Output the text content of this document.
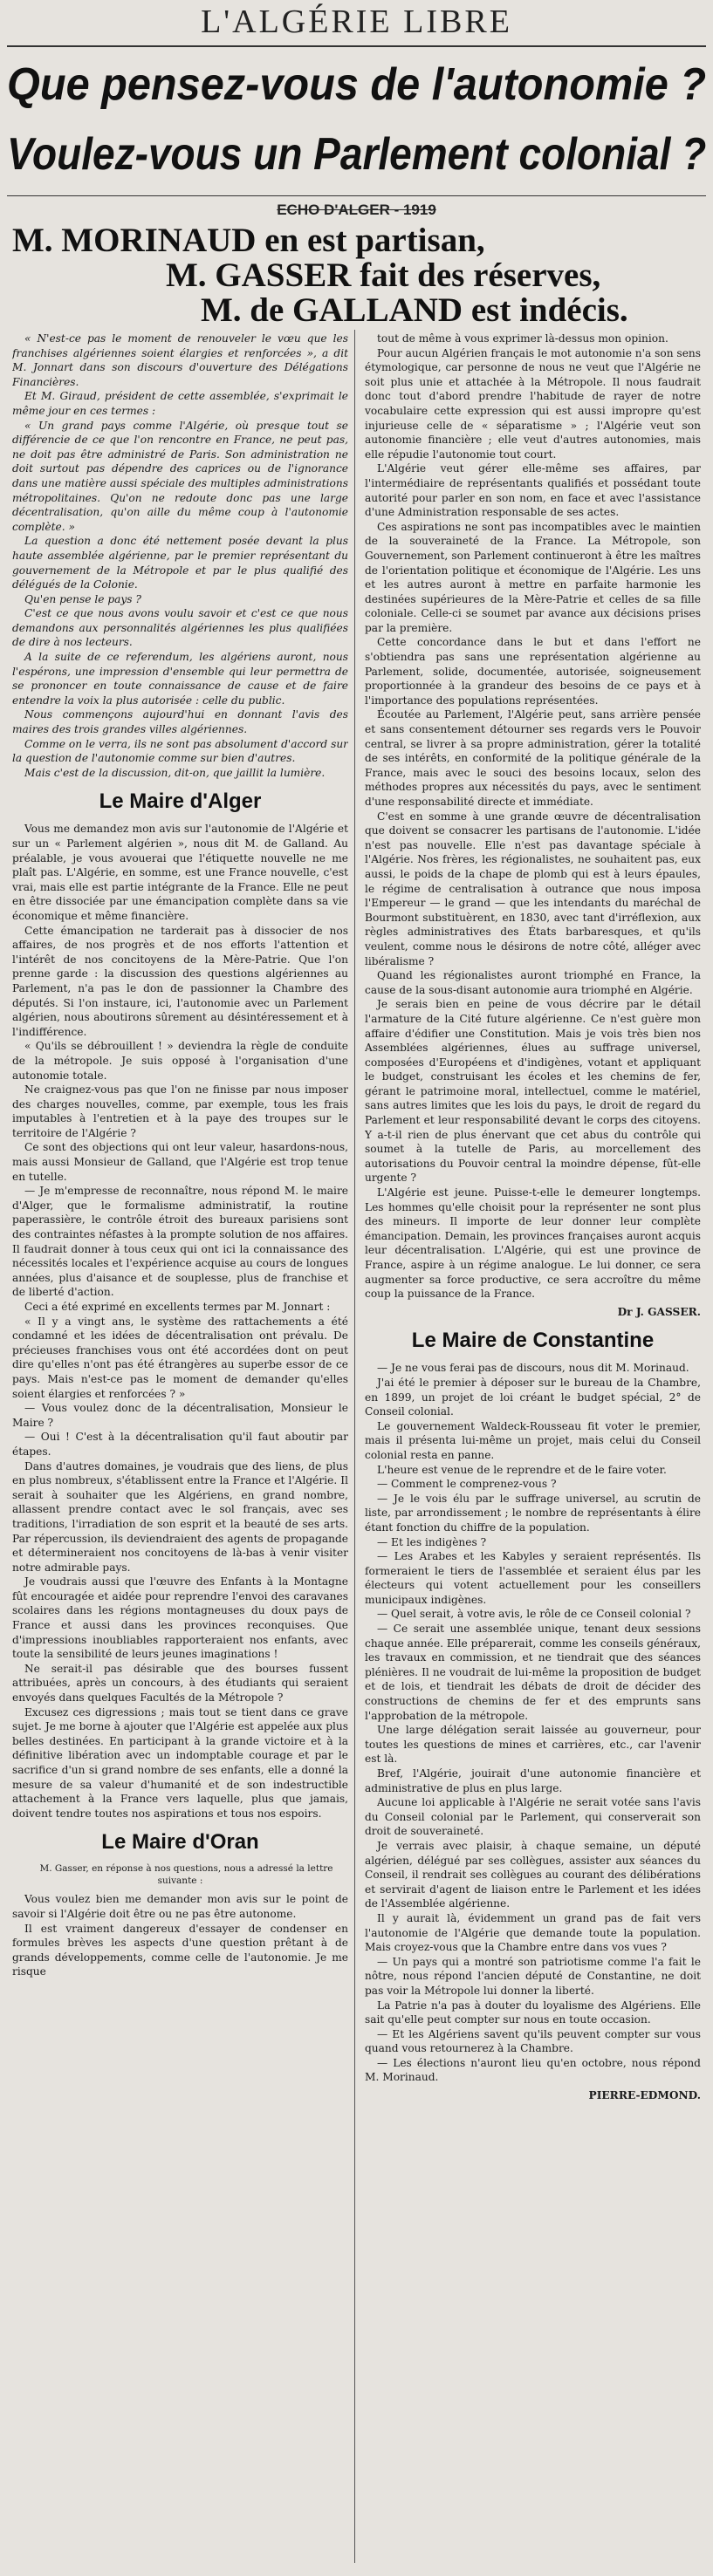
L'ALGÉRIE LIBRE
Que pensez-vous de l'autonomie ?
Voulez-vous un Parlement colonial ?
ECHO D'ALGER - 1919
M. MORINAUD en est partisan,
M. GASSER fait des réserves,
M. de GALLAND est indécis.

« N'est-ce pas le moment de renouveler le vœu que les franchises algériennes soient élargies et renforcées », a dit M. Jonnart dans son discours d'ouverture des Délégations Financières.

Et M. Giraud, président de cette assemblée, s'exprimait le même jour en ces termes :

« Un grand pays comme l'Algérie, où presque tout se différencie de ce que l'on rencontre en France, ne peut pas, ne doit pas être administré de Paris. Son administration ne doit surtout pas dépendre des caprices ou de l'ignorance dans une matière aussi spéciale des multiples administrations métropolitaines. Qu'on ne redoute donc pas une large décentralisation, qu'on aille du même coup à l'autonomie complète. »

La question a donc été nettement posée devant la plus haute assemblée algérienne, par le premier représentant du gouvernement de la Métropole et par le plus qualifié des délégués de la Colonie.

Qu'en pense le pays ?

C'est ce que nous avons voulu savoir et c'est ce que nous demandons aux personnalités algériennes les plus qualifiées de dire à nos lecteurs.

A la suite de ce referendum, les algériens auront, nous l'espérons, une impression d'ensemble qui leur permettra de se prononcer en toute connaissance de cause et de faire entendre la voix la plus autorisée : celle du public.

Nous commençons aujourd'hui en donnant l'avis des maires des trois grandes villes algériennes.

Comme on le verra, ils ne sont pas absolument d'accord sur la question de l'autonomie comme sur bien d'autres.

Mais c'est de la discussion, dit-on, que jaillit la lumière.

Le Maire d'Alger

Vous me demandez mon avis sur l'autonomie de l'Algérie et sur un « Parlement algérien », nous dit M. de Galland. Au préalable, je vous avouerai que l'étiquette nouvelle ne me plaît pas. L'Algérie, en somme, est une France nouvelle, c'est vrai, mais elle est partie intégrante de la France. Elle ne peut en être dissociée par une émancipation complète dans sa vie économique et même financière.

Cette émancipation ne tarderait pas à dissocier de nos affaires, de nos progrès et de nos efforts l'attention et l'intérêt de nos concitoyens de la Mère-Patrie. Que l'on prenne garde : la discussion des questions algériennes au Parlement, n'a pas le don de passionner la Chambre des députés. Si l'on instaure, ici, l'autonomie avec un Parlement algérien, nous aboutirons sûrement au désintéressement et à l'indifférence.

« Qu'ils se débrouillent ! » deviendra la règle de conduite de la métropole. Je suis opposé à l'organisation d'une autonomie totale.

Ne craignez-vous pas que l'on ne finisse par nous imposer des charges nouvelles, comme, par exemple, tous les frais imputables à l'entretien et à la paye des troupes sur le territoire de l'Algérie ?

Ce sont des objections qui ont leur valeur, hasardons-nous, mais aussi Monsieur de Galland, que l'Algérie est trop tenue en tutelle.

— Je m'empresse de reconnaître, nous répond M. le maire d'Alger, que le formalisme administratif, la routine paperassière, le contrôle étroit des bureaux parisiens sont des contraintes néfastes à la prompte solution de nos affaires. Il faudrait donner à tous ceux qui ont ici la connaissance des nécessités locales et l'expérience acquise au cours de longues années, plus d'aisance et de souplesse, plus de franchise et de liberté d'action.

Ceci a été exprimé en excellents termes par M. Jonnart :

« Il y a vingt ans, le système des rattachements a été condamné et les idées de décentralisation ont prévalu. De précieuses franchises vous ont été accordées dont on peut dire qu'elles n'ont pas été étrangères au superbe essor de ce pays. Mais n'est-ce pas le moment de demander qu'elles soient élargies et renforcées ? »

— Vous voulez donc de la décentralisation, Monsieur le Maire ?

— Oui ! C'est à la décentralisation qu'il faut aboutir par étapes.

Dans d'autres domaines, je voudrais que des liens, de plus en plus nombreux, s'établissent entre la France et l'Algérie. Il serait à souhaiter que les Algériens, en grand nombre, allassent prendre contact avec le sol français, avec ses traditions, l'irradiation de son esprit et la beauté de ses arts. Par répercussion, ils deviendraient des agents de propagande et détermineraient nos concitoyens de là-bas à venir visiter notre admirable pays.

Je voudrais aussi que l'œuvre des Enfants à la Montagne fût encouragée et aidée pour reprendre l'envoi des caravanes scolaires dans les régions montagneuses du doux pays de France et aussi dans les provinces reconquises. Que d'impressions inoubliables rapporteraient nos enfants, avec toute la sensibilité de leurs jeunes imaginations !

Ne serait-il pas désirable que des bourses fussent attribuées, après un concours, à des étudiants qui seraient envoyés dans quelques Facultés de la Métropole ?

Excusez ces digressions ; mais tout se tient dans ce grave sujet. Je me borne à ajouter que l'Algérie est appelée aux plus belles destinées. En participant à la grande victoire et à la définitive libération avec un indomptable courage et par le sacrifice d'un si grand nombre de ses enfants, elle a donné la mesure de sa valeur d'humanité et de son indestructible attachement à la France vers laquelle, plus que jamais, doivent tendre toutes nos aspirations et tous nos espoirs.

Le Maire d'Oran

M. Gasser, en réponse à nos questions, nous a adressé la lettre suivante :

Vous voulez bien me demander mon avis sur le point de savoir si l'Algérie doit être ou ne pas être autonome.

Il est vraiment dangereux d'essayer de condenser en formules brèves les aspects d'une question prêtant à de grands développements, comme celle de l'autonomie. Je me risque

tout de même à vous exprimer là-dessus mon opinion.

Pour aucun Algérien français le mot autonomie n'a son sens étymologique, car personne de nous ne veut que l'Algérie ne soit plus unie et attachée à la Métropole. Il nous faudrait donc tout d'abord prendre l'habitude de rayer de notre vocabulaire cette expression qui est aussi impropre qu'est injurieuse celle de « séparatisme » ; l'Algérie veut son autonomie financière ; elle veut d'autres autonomies, mais elle répudie l'autonomie tout court.

L'Algérie veut gérer elle-même ses affaires, par l'intermédiaire de représentants qualifiés et possédant toute autorité pour parler en son nom, en face et avec l'assistance d'une Administration responsable de ses actes.

Ces aspirations ne sont pas incompatibles avec le maintien de la souveraineté de la France. La Métropole, son Gouvernement, son Parlement continueront à être les maîtres de l'orientation politique et économique de l'Algérie. Les uns et les autres auront à mettre en parfaite harmonie les destinées supérieures de la Mère-Patrie et celles de sa fille coloniale. Celle-ci se soumet par avance aux décisions prises par la première.

Cette concordance dans le but et dans l'effort ne s'obtiendra pas sans une représentation algérienne au Parlement, solide, documentée, autorisée, soigneusement proportionnée à la grandeur des besoins de ce pays et à l'importance des populations représentées.

Écoutée au Parlement, l'Algérie peut, sans arrière pensée et sans consentement détourner ses regards vers le Pouvoir central, se livrer à sa propre administration, gérer la totalité de ses intérêts, en conformité de la politique générale de la France, mais avec le souci des besoins locaux, selon des méthodes propres aux nécessités du pays, avec le sentiment d'une responsabilité directe et immédiate.

C'est en somme à une grande œuvre de décentralisation que doivent se consacrer les partisans de l'autonomie. L'idée n'est pas nouvelle. Elle n'est pas davantage spéciale à l'Algérie. Nos frères, les régionalistes, ne souhaitent pas, eux aussi, le poids de la chape de plomb qui est à leurs épaules, le régime de centralisation à outrance que nous imposa l'Empereur — le grand — que les intendants du maréchal de Bourmont substituèrent, en 1830, avec tant d'irréflexion, aux règles administratives des États barbaresques, et qu'ils veulent, comme nous le désirons de notre côté, alléger avec libéralisme ?

Quand les régionalistes auront triomphé en France, la cause de la sous-disant autonomie aura triomphé en Algérie.

Je serais bien en peine de vous décrire par le détail l'armature de la Cité future algérienne. Ce n'est guère mon affaire d'édifier une Constitution. Mais je vois très bien nos Assemblées algériennes, élues au suffrage universel, composées d'Européens et d'indigènes, votant et appliquant le budget, construisant les écoles et les chemins de fer, gérant le patrimoine moral, intellectuel, comme le matériel, sans autres limites que les lois du pays, le droit de regard du Parlement et leur responsabilité devant le corps des citoyens. Y a-t-il rien de plus énervant que cet abus du contrôle qui soumet à la tutelle de Paris, au morcellement des autorisations du Pouvoir central la moindre dépense, fût-elle urgente ?

L'Algérie est jeune. Puisse-t-elle le demeurer longtemps. Les hommes qu'elle choisit pour la représenter ne sont plus des mineurs. Il importe de leur donner leur complète émancipation. Demain, les provinces françaises auront acquis leur décentralisation. L'Algérie, qui est une province de France, aspire à un régime analogue. Le lui donner, ce sera augmenter sa force productive, ce sera accroître du même coup la puissance de la France.

Dr J. GASSER.

Le Maire de Constantine

— Je ne vous ferai pas de discours, nous dit M. Morinaud.

J'ai été le premier à déposer sur le bureau de la Chambre, en 1899, un projet de loi créant le budget spécial, 2° de Conseil colonial.

Le gouvernement Waldeck-Rousseau fit voter le premier, mais il présenta lui-même un projet, mais celui du Conseil colonial resta en panne.

L'heure est venue de le reprendre et de le faire voter.

— Comment le comprenez-vous ?

— Je le vois élu par le suffrage universel, au scrutin de liste, par arrondissement ; le nombre de représentants à élire étant fonction du chiffre de la population.

— Et les indigènes ?

— Les Arabes et les Kabyles y seraient représentés. Ils formeraient le tiers de l'assemblée et seraient élus par les électeurs qui votent actuellement pour les conseillers municipaux indigènes.

— Quel serait, à votre avis, le rôle de ce Conseil colonial ?

— Ce serait une assemblée unique, tenant deux sessions chaque année. Elle préparerait, comme les conseils généraux, les travaux en commission, et ne tiendrait que des séances plénières. Il ne voudrait de lui-même la proposition de budget et de lois, et tiendrait les débats de droit de décider des constructions de chemins de fer et des emprunts sans l'approbation de la métropole.

Une large délégation serait laissée au gouverneur, pour toutes les questions de mines et carrières, etc., car l'avenir est là.

Bref, l'Algérie, jouirait d'une autonomie financière et administrative de plus en plus large.

Aucune loi applicable à l'Algérie ne serait votée sans l'avis du Conseil colonial par le Parlement, qui conserverait son droit de souveraineté.

Je verrais avec plaisir, à chaque semaine, un député algérien, délégué par ses collègues, assister aux séances du Conseil, il rendrait ses collègues au courant des délibérations et servirait d'agent de liaison entre le Parlement et les idées de l'Assemblée algérienne.

Il y aurait là, évidemment un grand pas de fait vers l'autonomie de l'Algérie que demande toute la population. Mais croyez-vous que la Chambre entre dans vos vues ?

— Un pays qui a montré son patriotisme comme l'a fait le nôtre, nous répond l'ancien député de Constantine, ne doit pas voir la Métropole lui donner la liberté.

La Patrie n'a pas à douter du loyalisme des Algériens. Elle sait qu'elle peut compter sur nous en toute occasion.

— Et les Algériens savent qu'ils peuvent compter sur vous quand vous retournerez à la Chambre.

— Les élections n'auront lieu qu'en octobre, nous répond M. Morinaud.

PIERRE-EDMOND.
